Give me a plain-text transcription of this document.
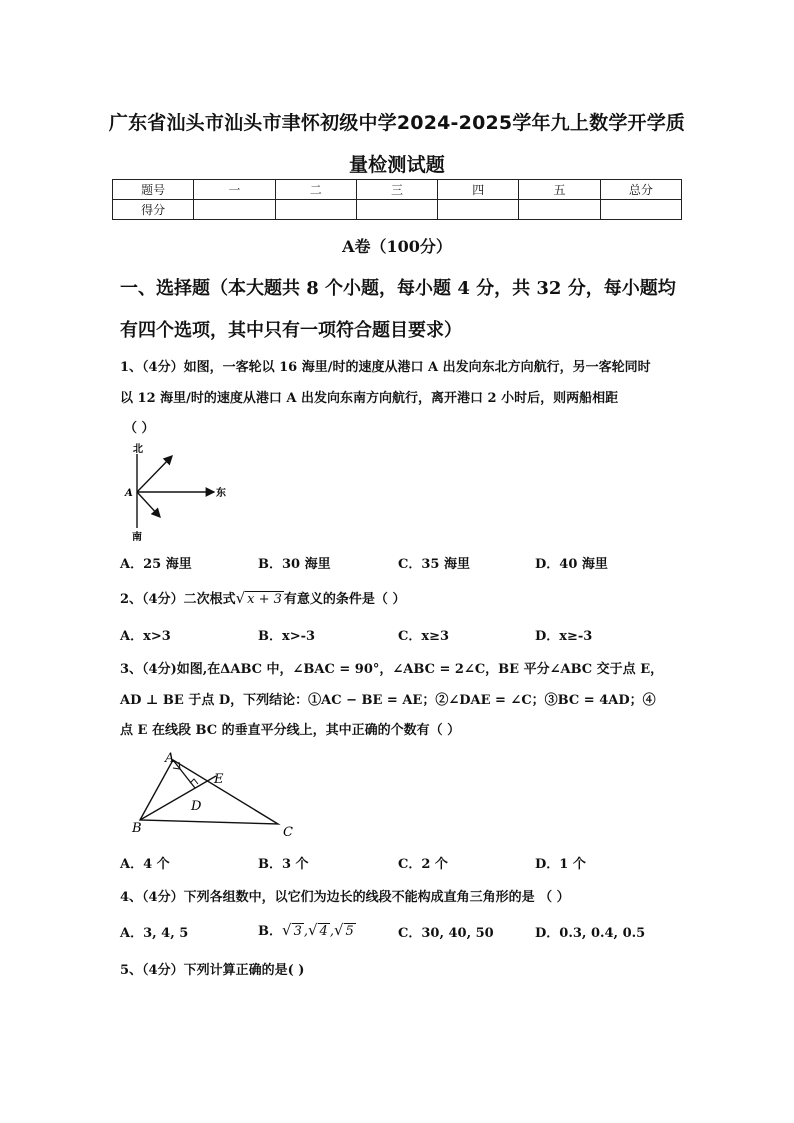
广东省汕头市汕头市聿怀初级中学2024-2025学年九上数学开学质
量检测试题
题号	一	二	三	四	五	总分
得分						
A卷（100分）
一、选择题（本大题共 8 个小题，每小题 4 分，共 32 分，每小题均
有四个选项，其中只有一项符合题目要求）
1、（4分）如图，一客轮以 16 海里/时的速度从港口 A 出发向东北方向航行，另一客轮同时
以 12 海里/时的速度从港口 A 出发向东南方向航行，离开港口 2 小时后，则两船相距
（ ）
北
南
东
A
A．25 海里	B．30 海里	C．35 海里	D．40 海里
2、（4分）二次根式√ x + 3 有意义的条件是（ ）
A．x>3	B．x>-3	C．x≥3	D．x≥-3
3、（4分)如图,在ΔABC 中，∠BAC = 90°，∠ABC = 2∠C，BE 平分∠ABC 交于点 E，
AD ⊥ BE 于点 D，下列结论：①AC − BE = AE；②∠DAE = ∠C；③BC = 4AD；④
点 E 在线段 BC 的垂直平分线上，其中正确的个数有（ ）
A
B	C
D
E
A．4 个	B．3 个	C．2 个	D．1 个
4、（4分）下列各组数中，以它们为边长的线段不能构成直角三角形的是 （ ）
A．3, 4, 5	B．√ 3 ,√ 4 ,√ 5	C．30, 40, 50	D．0.3, 0.4, 0.5
5、（4分）下列计算正确的是( )
